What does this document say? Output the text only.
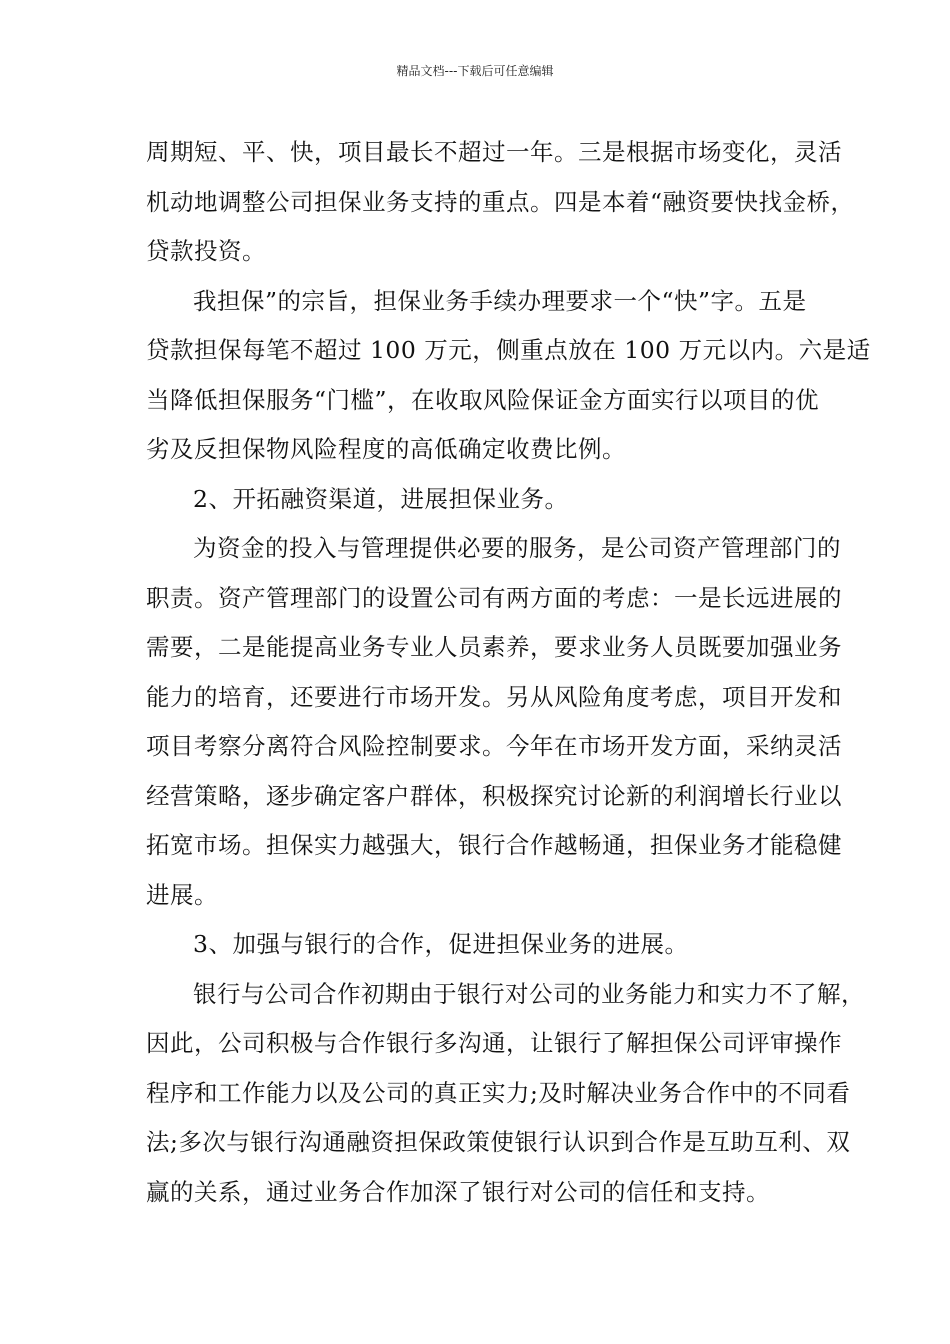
精品文档---下载后可任意编辑
周期短、平、快，项目最长不超过一年。三是根据市场变化，灵活
机动地调整公司担保业务支持的重点。四是本着“融资要快找金桥，
贷款投资。
我担保”的宗旨，担保业务手续办理要求一个“快”字。五是
贷款担保每笔不超过 100 万元，侧重点放在 100 万元以内。六是适
当降低担保服务“门槛”，在收取风险保证金方面实行以项目的优
劣及反担保物风险程度的高低确定收费比例。
2、开拓融资渠道，进展担保业务。
为资金的投入与管理提供必要的服务，是公司资产管理部门的
职责。资产管理部门的设置公司有两方面的考虑：一是长远进展的
需要，二是能提高业务专业人员素养，要求业务人员既要加强业务
能力的培育，还要进行市场开发。另从风险角度考虑，项目开发和
项目考察分离符合风险控制要求。今年在市场开发方面，采纳灵活
经营策略，逐步确定客户群体，积极探究讨论新的利润增长行业以
拓宽市场。担保实力越强大，银行合作越畅通，担保业务才能稳健
进展。
3、加强与银行的合作，促进担保业务的进展。
银行与公司合作初期由于银行对公司的业务能力和实力不了解，
因此，公司积极与合作银行多沟通，让银行了解担保公司评审操作
程序和工作能力以及公司的真正实力;及时解决业务合作中的不同看
法;多次与银行沟通融资担保政策使银行认识到合作是互助互利、双
赢的关系，通过业务合作加深了银行对公司的信任和支持。
